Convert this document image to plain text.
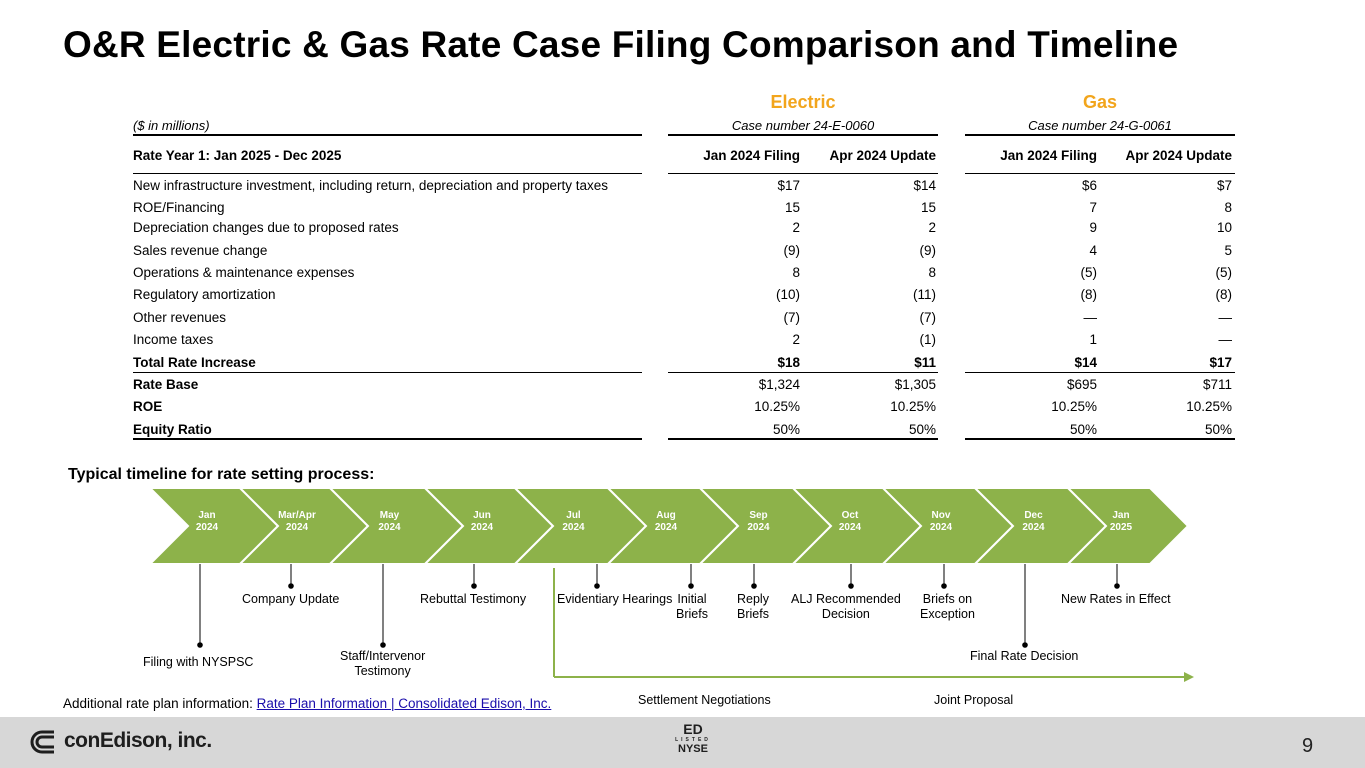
O&R Electric & Gas Rate Case Filing Comparison and Timeline
Electric	Gas
($ in millions)	Case number 24-E-0060	Case number 24-G-0061
Rate Year 1: Jan 2025 - Dec 2025	Jan 2024 Filing	Apr 2024 Update	Jan 2024 Filing	Apr 2024 Update
New infrastructure investment, including return, depreciation and property taxes	$17	$14	$6	$7
ROE/Financing	15	15	7	8
Depreciation changes due to proposed rates	2	2	9	10
Sales revenue change	(9)	(9)	4	5
Operations & maintenance expenses	8	8	(5)	(5)
Regulatory amortization	(10)	(11)	(8)	(8)
Other revenues	(7)	(7)	—	—
Income taxes	2	(1)	1	—
Total Rate Increase	$18	$11	$14	$17
Rate Base	$1,324	$1,305	$695	$711
ROE	10.25%	10.25%	10.25%	10.25%
Equity Ratio	50%	50%	50%	50%
Typical timeline for rate setting process:
Jan
2024
Mar/Apr
2024
May
2024
Jun
2024
Jul
2024
Aug
2024
Sep
2024
Oct
2024
Nov
2024
Dec
2024
Jan
2025
Company Update	Rebuttal Testimony Evidentiary Hearings Initial
Briefs
Reply
Briefs
ALJ Recommended
Decision
Briefs on
Exception
New Rates in Effect
Filing with NYSPSC	Staff/Intervenor
Testimony
Final Rate Decision
Settlement Negotiations	Joint Proposal
Additional rate plan information: Rate Plan Information | Consolidated Edison, Inc.
conEdison, inc.	ED
LISTED
NYSE	9
